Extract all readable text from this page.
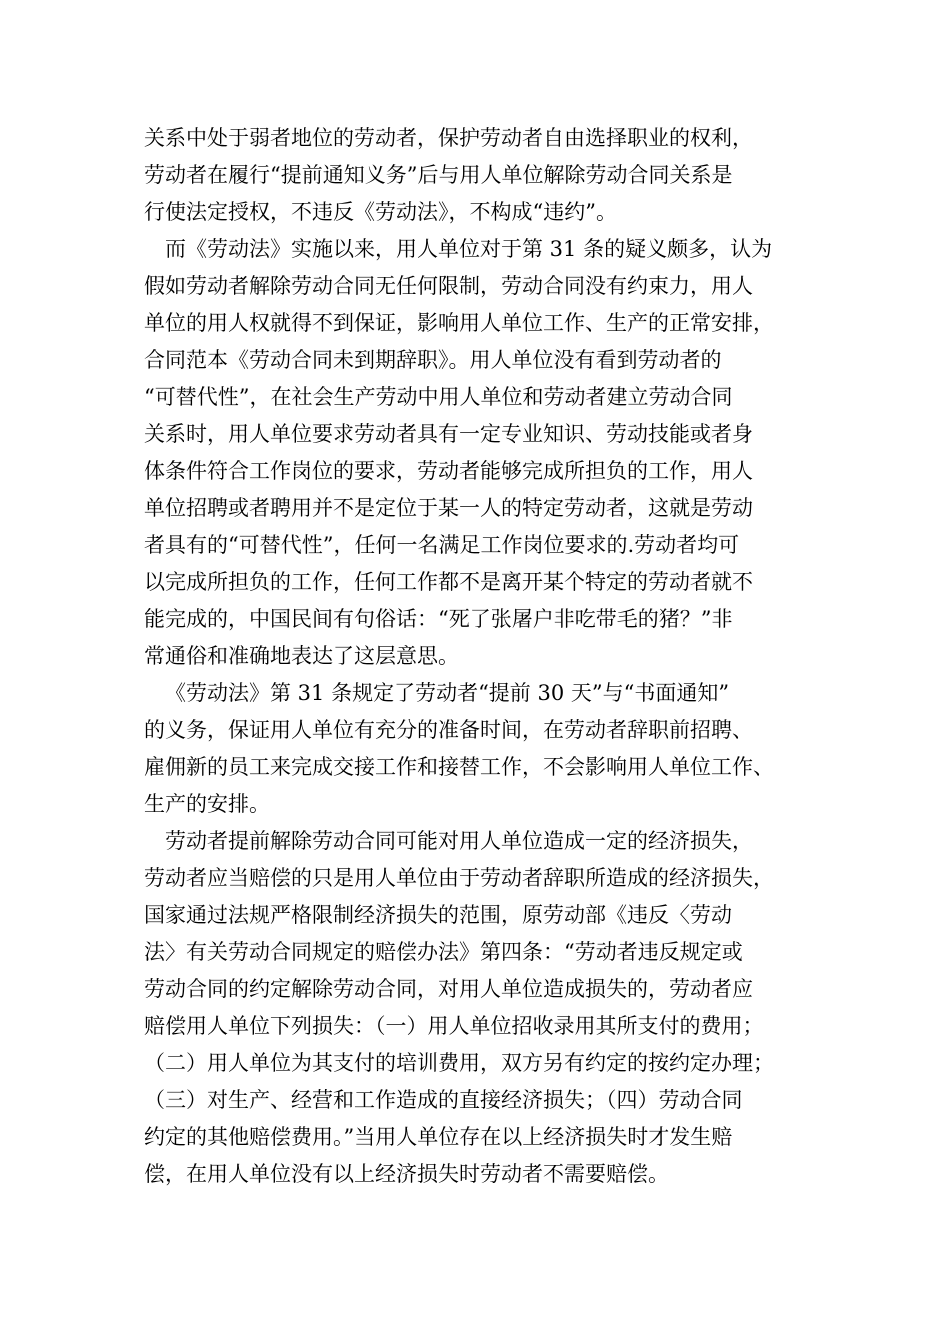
关系中处于弱者地位的劳动者，保护劳动者自由选择职业的权利，
劳动者在履行“提前通知义务”后与用人单位解除劳动合同关系是
行使法定授权，不违反《劳动法》，不构成“违约”。
而《劳动法》实施以来，用人单位对于第 31 条的疑义颇多，认为
假如劳动者解除劳动合同无任何限制，劳动合同没有约束力，用人
单位的用人权就得不到保证，影响用人单位工作、生产的正常安排，
合同范本《劳动合同未到期辞职》。用人单位没有看到劳动者的
“可替代性”，在社会生产劳动中用人单位和劳动者建立劳动合同
关系时，用人单位要求劳动者具有一定专业知识、劳动技能或者身
体条件符合工作岗位的要求，劳动者能够完成所担负的工作，用人
单位招聘或者聘用并不是定位于某一人的特定劳动者，这就是劳动
者具有的“可替代性”，任何一名满足工作岗位要求的.劳动者均可
以完成所担负的工作，任何工作都不是离开某个特定的劳动者就不
能完成的，中国民间有句俗话：“死了张屠户非吃带毛的猪？”非
常通俗和准确地表达了这层意思。
《劳动法》第 31 条规定了劳动者“提前 30 天”与“书面通知”
的义务，保证用人单位有充分的准备时间，在劳动者辞职前招聘、
雇佣新的员工来完成交接工作和接替工作，不会影响用人单位工作、
生产的安排。
劳动者提前解除劳动合同可能对用人单位造成一定的经济损失，
劳动者应当赔偿的只是用人单位由于劳动者辞职所造成的经济损失，
国家通过法规严格限制经济损失的范围，原劳动部《违反〈劳动
法〉有关劳动合同规定的赔偿办法》第四条：“劳动者违反规定或
劳动合同的约定解除劳动合同，对用人单位造成损失的，劳动者应
赔偿用人单位下列损失：（一）用人单位招收录用其所支付的费用；
（二）用人单位为其支付的培训费用，双方另有约定的按约定办理；
（三）对生产、经营和工作造成的直接经济损失；（四）劳动合同
约定的其他赔偿费用。”当用人单位存在以上经济损失时才发生赔
偿，在用人单位没有以上经济损失时劳动者不需要赔偿。
